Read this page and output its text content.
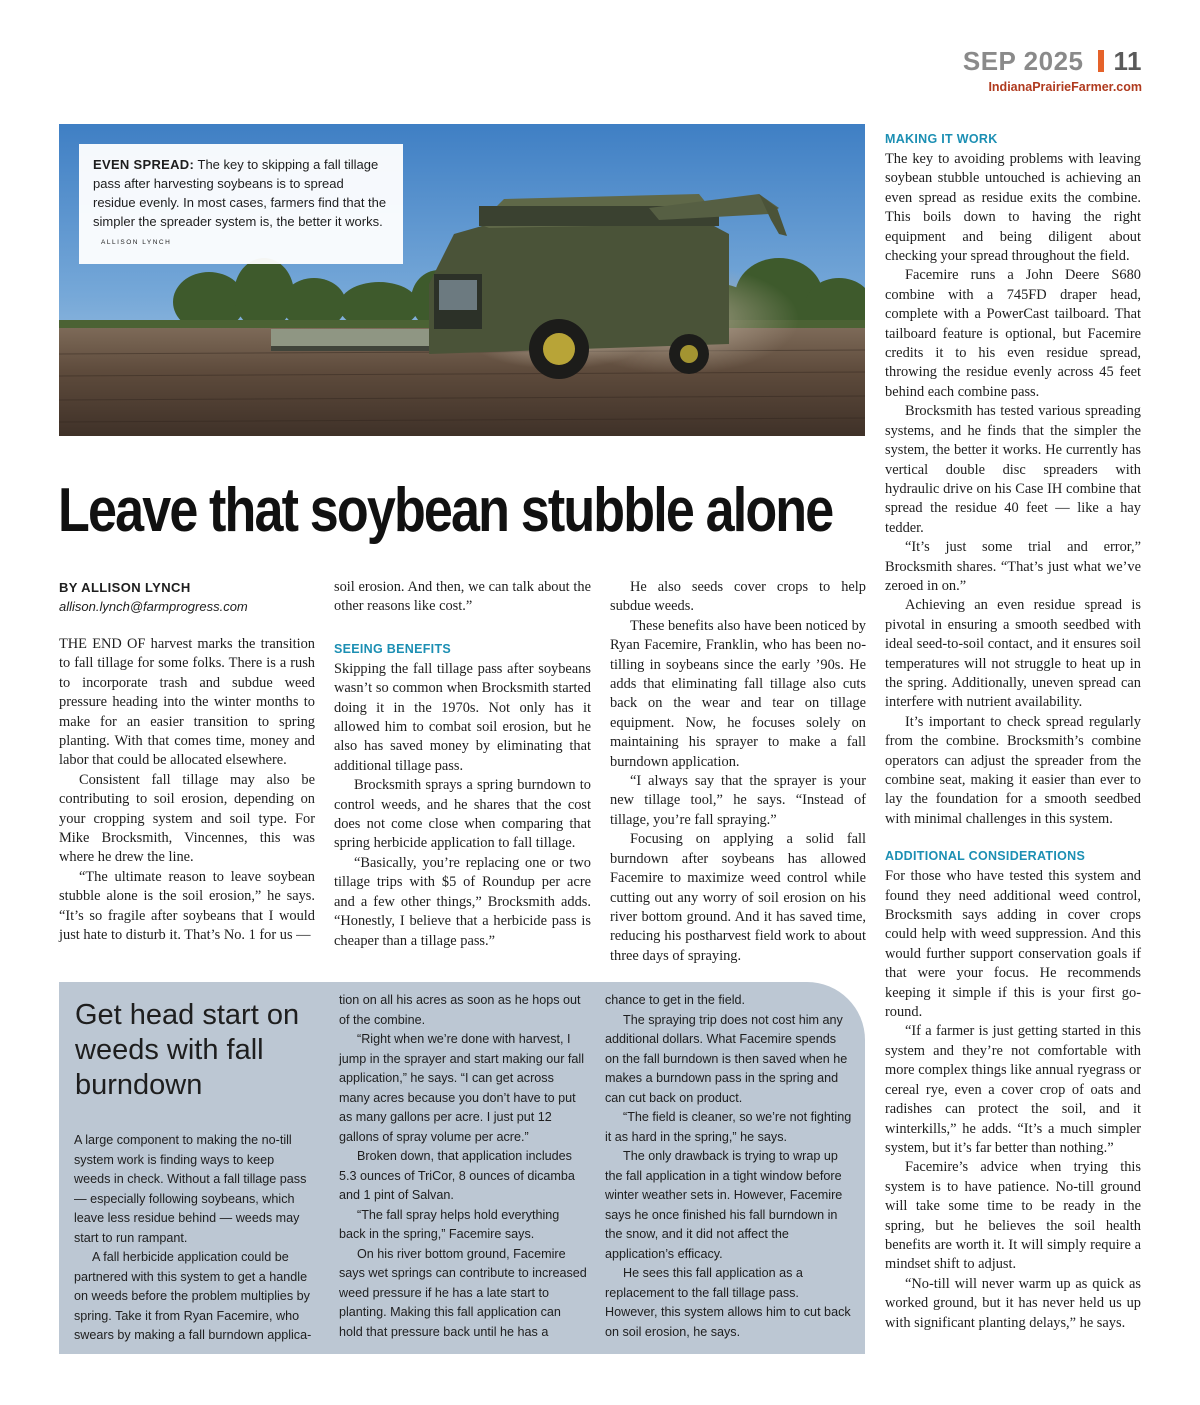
SEP 2025 11
IndianaPrairieFarmer.com
EVEN SPREAD: The key to skipping a fall tillage pass after harvesting soybeans is to spread residue evenly. In most cases, farmers find that the simpler the spreader system is, the better it works. ALLISON LYNCH
Leave that soybean stubble alone
BY ALLISON LYNCH
allison.lynch@farmprogress.com

THE END OF harvest marks the transition to fall tillage for some folks. There is a rush to incorporate trash and subdue weed pressure heading into the winter months to make for an easier transition to spring planting. With that comes time, money and labor that could be allocated elsewhere.

Consistent fall tillage may also be contributing to soil erosion, depending on your cropping system and soil type. For Mike Brocksmith, Vincennes, this was where he drew the line.

“The ultimate reason to leave soybean stubble alone is the soil erosion,” he says. “It’s so fragile after soybeans that I would just hate to disturb it. That’s No. 1 for us —

soil erosion. And then, we can talk about the other reasons like cost.”

SEEING BENEFITS

Skipping the fall tillage pass after soybeans wasn’t so common when Brocksmith started doing it in the 1970s. Not only has it allowed him to combat soil erosion, but he also has saved money by eliminating that additional tillage pass.

Brocksmith sprays a spring burndown to control weeds, and he shares that the cost does not come close when comparing that spring herbicide application to fall tillage.

“Basically, you’re replacing one or two tillage trips with $5 of Roundup per acre and a few other things,” Brocksmith adds. “Honestly, I believe that a herbicide pass is cheaper than a tillage pass.”

He also seeds cover crops to help subdue weeds.

These benefits also have been noticed by Ryan Facemire, Franklin, who has been no-tilling in soybeans since the early ’90s. He adds that eliminating fall tillage also cuts back on the wear and tear on tillage equipment. Now, he focuses solely on maintaining his sprayer to make a fall burndown application.

“I always say that the sprayer is your new tillage tool,” he says. “Instead of tillage, you’re fall spraying.”

Focusing on applying a solid fall burndown after soybeans has allowed Facemire to maximize weed control while cutting out any worry of soil erosion on his river bottom ground. And it has saved time, reducing his postharvest field work to about three days of spraying.

MAKING IT WORK

The key to avoiding problems with leaving soybean stubble untouched is achieving an even spread as residue exits the combine. This boils down to having the right equipment and being diligent about checking your spread throughout the field.

Facemire runs a John Deere S680 combine with a 745FD draper head, complete with a PowerCast tailboard. That tailboard feature is optional, but Facemire credits it to his even residue spread, throwing the residue evenly across 45 feet behind each combine pass.

Brocksmith has tested various spreading systems, and he finds that the simpler the system, the better it works. He currently has vertical double disc spreaders with hydraulic drive on his Case IH combine that spread the residue 40 feet — like a hay tedder.

“It’s just some trial and error,” Brocksmith shares. “That’s just what we’ve zeroed in on.”

Achieving an even residue spread is pivotal in ensuring a smooth seedbed with ideal seed-to-soil contact, and it ensures soil temperatures will not struggle to heat up in the spring. Additionally, uneven spread can interfere with nutrient availability.

It’s important to check spread regularly from the combine. Brocksmith’s combine operators can adjust the spreader from the combine seat, making it easier than ever to lay the foundation for a smooth seedbed with minimal challenges in this system.

ADDITIONAL CONSIDERATIONS

For those who have tested this system and found they need additional weed control, Brocksmith says adding in cover crops could help with weed suppression. And this would further support conservation goals if that were your focus. He recommends keeping it simple if this is your first go-round.

“If a farmer is just getting started in this system and they’re not comfortable with more complex things like annual ryegrass or cereal rye, even a cover crop of oats and radishes can protect the soil, and it winterkills,” he adds. “It’s a much simpler system, but it’s far better than nothing.”

Facemire’s advice when trying this system is to have patience. No-till ground will take some time to be ready in the spring, but he believes the soil health benefits are worth it. It will simply require a mindset shift to adjust.

“No-till will never warm up as quick as worked ground, but it has never held us up with significant planting delays,” he says.

Get head start on weeds with fall burndown

A large component to making the no-till system work is finding ways to keep weeds in check. Without a fall tillage pass — especially following soybeans, which leave less residue behind — weeds may start to run rampant.

A fall herbicide application could be partnered with this system to get a handle on weeds before the problem multiplies by spring. Take it from Ryan Facemire, who swears by making a fall burndown applica-

tion on all his acres as soon as he hops out of the combine.

“Right when we’re done with harvest, I jump in the sprayer and start making our fall application,” he says. “I can get across many acres because you don’t have to put as many gallons per acre. I just put 12 gallons of spray volume per acre.”

Broken down, that application includes 5.3 ounces of TriCor, 8 ounces of dicamba and 1 pint of Salvan.

“The fall spray helps hold everything back in the spring,” Facemire says.

On his river bottom ground, Facemire says wet springs can contribute to increased weed pressure if he has a late start to planting. Making this fall application can hold that pressure back until he has a

chance to get in the field.

The spraying trip does not cost him any additional dollars. What Facemire spends on the fall burndown is then saved when he makes a burndown pass in the spring and can cut back on product.

“The field is cleaner, so we’re not fighting it as hard in the spring,” he says.

The only drawback is trying to wrap up the fall application in a tight window before winter weather sets in. However, Facemire says he once finished his fall burndown in the snow, and it did not affect the application’s efficacy.

He sees this fall application as a replacement to the fall tillage pass. However, this system allows him to cut back on soil erosion, he says.
